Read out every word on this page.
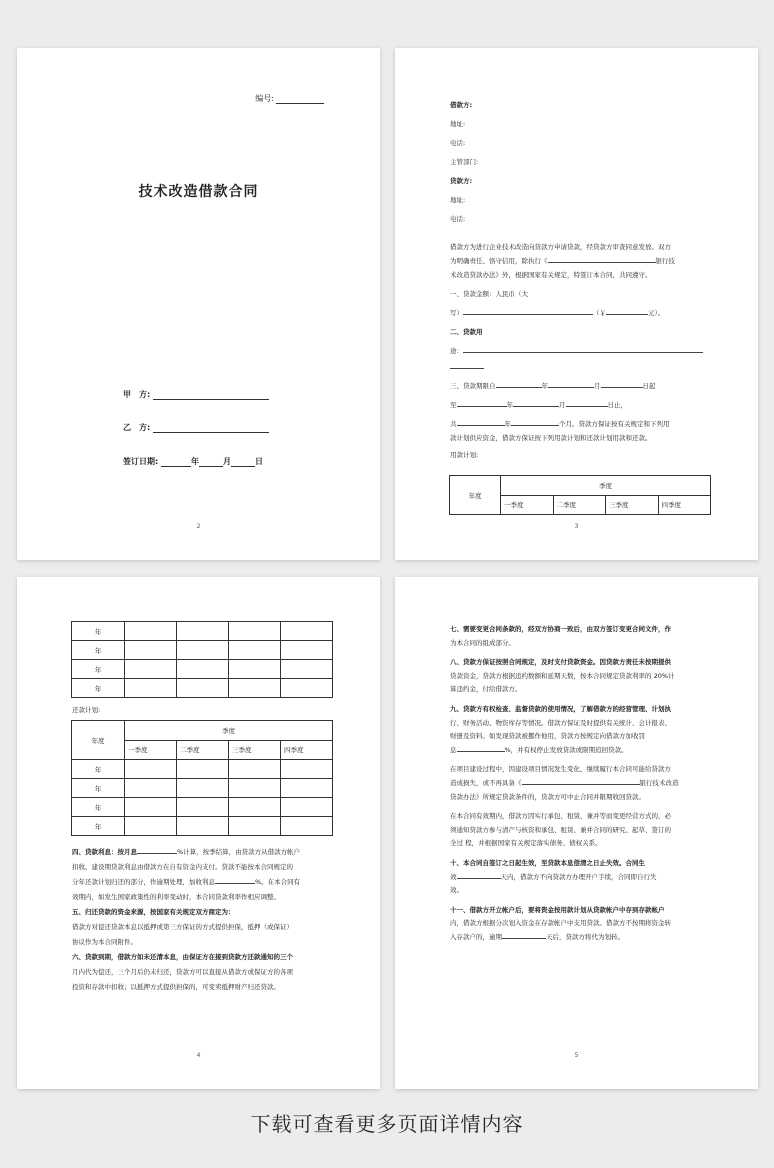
编号:
技术改造借款合同
甲　方:
乙　方:
签订日期:	年	月	日
2

借款方:

地址:

电话:

主管部门:

贷款方:

地址:

电话:

借款方为进行企业技术改造向贷款方申请贷款，经贷款方审查同意发放。双方

为明确责任、恪守信用，除执行《	银行技

术改造贷款办法》外，根据国家有关规定，特签订本合同，共同遵守。

一、贷款金额：人民币（大

写）	（￥	元）。

二、贷款用

途：

三、贷款期限自	年	月	日起

至	年	月	日止，

共	年	个月。贷款方保证按有关规定和下列用

款计划供应资金，借款方保证按下列用款计划和还款计划用款和还款。

用款计划:

年度	季度			
	一季度	二季度	三季度	四季度
3
年				
年				
年				
年				
还款计划:
年度	季度			
	一季度	二季度	三季度	四季度
年				
年				
年				
年				

四、贷款利息：按月息	%计算，按季结算，由贷款方从借款方帐户

扣收。建设期贷款利息由借款方在自有资金内支付。贷款不能按本合同规定的

分年还款计划归还的部分，作逾期处理，加收利息	%。在本合同有

效期内，如发生国家政策性的利率变动时，本合同贷款利率作相应调整。

五、归还贷款的资金来源，按国家有关规定双方商定为：

借款方对偿还贷款本息以抵押或第三方保证的方式提供担保，抵押（或保证）

协议作为本合同附件。

六、贷款到期，借款方如未还清本息，由保证方在接到贷款方还款通知的三个

月内代为偿还，三个月后仍未归还，贷款方可以直接从借款方或保证方的各项

投资和存款中扣收；以抵押方式提供担保的，可变卖抵押财产归还贷款。

4

七、需要变更合同条款的，经双方协商一致后，由双方签订变更合同文件，作

为本合同的组成部分。

八、贷款方保证按照合同规定，及时支付贷款资金。因贷款方责任未按期提供

贷款资金，贷款方根据违约数额和延期天数，按本合同规定贷款利率的 20%计

算违约金，付给借款方。

九、贷款方有权检查、监督贷款的使用情况，了解借款方的经营管理、计划执

行、财务活动、物资库存等情况。借款方保证及时提供有关统计、会计报表、

财册及资料。如发现贷款被挪作他用，贷款方按规定向借款方加收罚

息	%，并有权停止发放贷款或限期追回贷款。

在项目建设过程中，因建设项目情况发生变化，继续履行本合同可能给贷款方

造成损失，或不再具备《	银行技术改造

贷款办法》所规定贷款条件的，贷款方可中止合同并限期收回贷款。

在本合同有效期内，借款方因实行承包、租赁、兼并等而变更经营方式的，必

须通知贷款方参与清产与核资和承包、租赁、兼并合同的研究、起草、签订的

全过 程，并根据国家有关规定落实债务、债权关系。

十、本合同自签订之日起生效，至贷款本息偿清之日止失效。合同生

效	天内，借款方不向贷款方办理开户手续，合同即自行失

效。

十一、借款方开立帐户后，要将资金按用款计划从贷款帐户中存到存款帐户

内，借款方根据分次划入资金在存款帐户中支用贷款。借款方不按期将资金转

入存款户的，逾期	天后，贷款方将代为划转。

5
下载可查看更多页面详情内容
